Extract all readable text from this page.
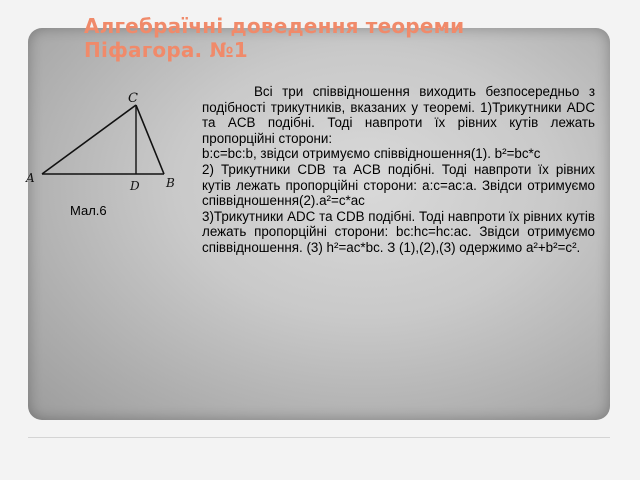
Алгебраїчні доведення теореми Піфагора. №1
C
A	B
D
Мал.6

Всі три співвідношення виходить безпосередньо з подібності трикутників, вказаних у теоремі. 1)Трикутники ADC та ACB подібні. Тоді навпроти їх рівних кутів лежать пропорційні сторони:

b:c=bc:b, звідси отримуємо співвідношення(1). b²=bc*c

2) Трикутники CDB та ACB подібні. Тоді навпроти їх рівних кутів лежать пропорційні сторони: a:c=ac:a. Звідси отримуємо співвідношення(2).a²=c*ac

3)Трикутники ADC та CDB подібні. Тоді навпроти їх рівних кутів лежать пропорційні сторони: bc:hc=hc:ac. Звідси отримуємо співвідношення. (3) h²=ac*bc. З (1),(2),(3) одержимо a²+b²=c².
